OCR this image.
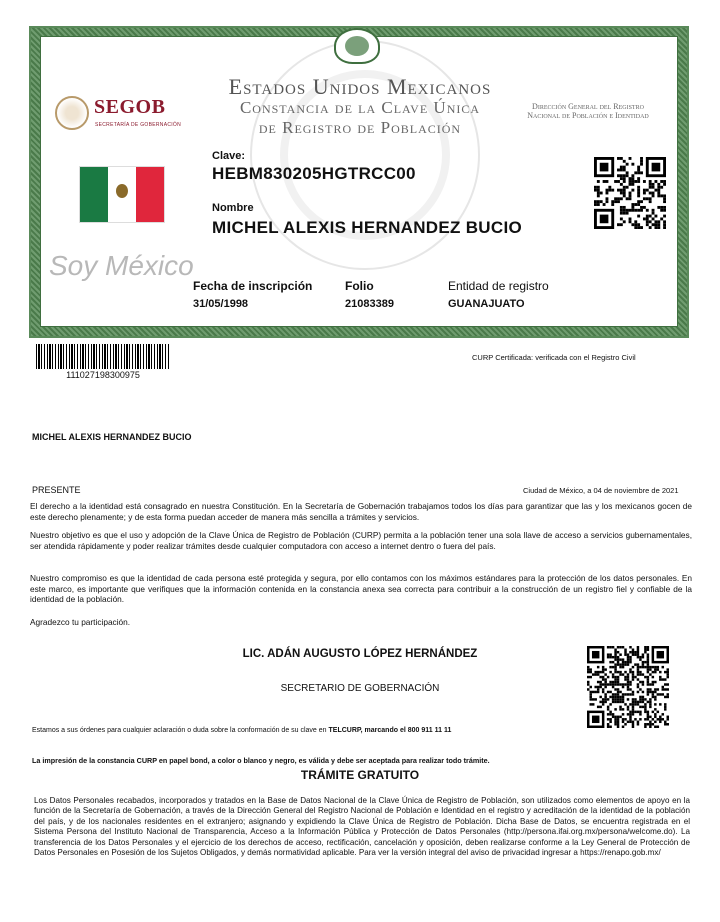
Estados Unidos Mexicanos
Constancia de la Clave Única
de Registro de Población
SEGOB
SECRETARÍA DE GOBERNACIÓN
Dirección General del Registro Nacional de Población e Identidad
Clave:
HEBM830205HGTRCC00
Nombre
MICHEL ALEXIS HERNANDEZ BUCIO
Soy México
Fecha de inscripción
31/05/1998
Folio
21083389
Entidad de registro
GUANAJUATO
111027198300975
CURP Certificada: verificada con el Registro Civil
MICHEL ALEXIS HERNANDEZ BUCIO
PRESENTE	Ciudad de México, a 04 de noviembre de 2021
El derecho a la identidad está consagrado en nuestra Constitución. En la Secretaría de Gobernación trabajamos todos los días para garantizar que las y los mexicanos gocen de este derecho plenamente; y de esta forma puedan acceder de manera más sencilla a trámites y servicios.
Nuestro objetivo es que el uso y adopción de la Clave Única de Registro de Población (CURP) permita a la población tener una sola llave de acceso a servicios gubernamentales, ser atendida rápidamente y poder realizar trámites desde cualquier computadora con acceso a internet dentro o fuera del país.
Nuestro compromiso es que la identidad de cada persona esté protegida y segura, por ello contamos con los máximos estándares para la protección de los datos personales. En este marco, es importante que verifiques que la información contenida en la constancia anexa sea correcta para contribuir a la construcción de un registro fiel y confiable de la identidad de la población.
Agradezco tu participación.
LIC. ADÁN AUGUSTO LÓPEZ HERNÁNDEZ
SECRETARIO DE GOBERNACIÓN
Estamos a sus órdenes para cualquier aclaración o duda sobre la conformación de su clave en TELCURP, marcando el 800 911 11 11
La impresión de la constancia CURP en papel bond, a color o blanco y negro, es válida y debe ser aceptada para realizar todo trámite.
TRÁMITE GRATUITO
Los Datos Personales recabados, incorporados y tratados en la Base de Datos Nacional de la Clave Única de Registro de Población, son utilizados como elementos de apoyo en la función de la Secretaría de Gobernación, a través de la Dirección General del Registro Nacional de Población e Identidad en el registro y acreditación de la identidad de la población del país, y de los nacionales residentes en el extranjero; asignando y expidiendo la Clave Única de Registro de Población. Dicha Base de Datos, se encuentra registrada en el Sistema Persona del Instituto Nacional de Transparencia, Acceso a la Información Pública y Protección de Datos Personales (http://persona.ifai.org.mx/persona/welcome.do). La transferencia de los Datos Personales y el ejercicio de los derechos de acceso, rectificación, cancelación y oposición, deben realizarse conforme a la Ley General de Protección de Datos Personales en Posesión de los Sujetos Obligados, y demás normatividad aplicable. Para ver la versión integral del aviso de privacidad ingresar a https://renapo.gob.mx/
